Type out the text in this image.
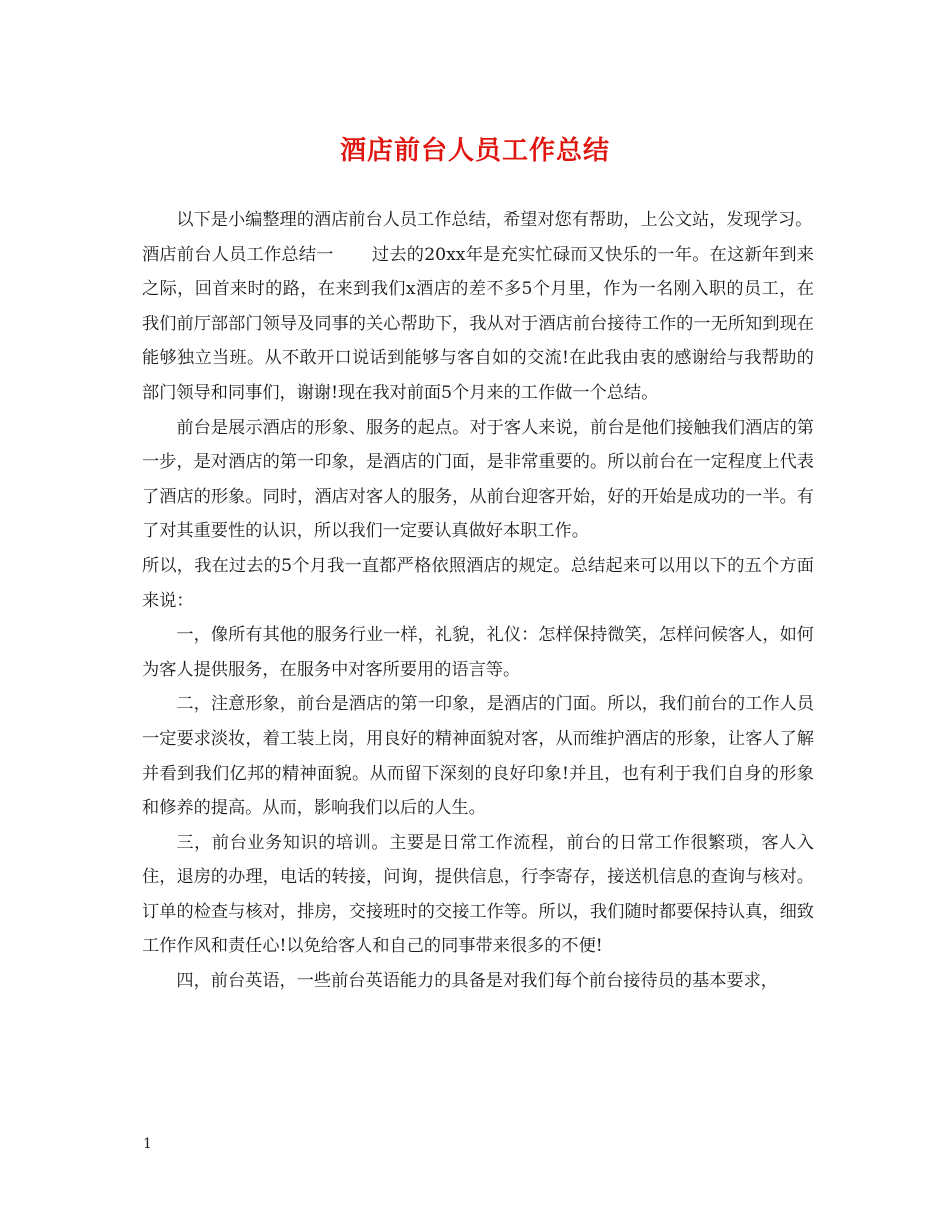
酒店前台人员工作总结

以下是小编整理的酒店前台人员工作总结，希望对您有帮助，上公文站，发现学习。

酒店前台人员工作总结一 过去的20xx年是充实忙碌而又快乐的一年。在这新年到来之际，回首来时的路，在来到我们x酒店的差不多5个月里，作为一名刚入职的员工，在我们前厅部部门领导及同事的关心帮助下，我从对于酒店前台接待工作的一无所知到现在能够独立当班。从不敢开口说话到能够与客自如的交流!在此我由衷的感谢给与我帮助的部门领导和同事们，谢谢!现在我对前面5个月来的工作做一个总结。

前台是展示酒店的形象、服务的起点。对于客人来说，前台是他们接触我们酒店的第一步，是对酒店的第一印象，是酒店的门面，是非常重要的。所以前台在一定程度上代表了酒店的形象。同时，酒店对客人的服务，从前台迎客开始，好的开始是成功的一半。有了对其重要性的认识，所以我们一定要认真做好本职工作。

所以，我在过去的5个月我一直都严格依照酒店的规定。总结起来可以用以下的五个方面来说：

一，像所有其他的服务行业一样，礼貌，礼仪：怎样保持微笑，怎样问候客人，如何为客人提供服务，在服务中对客所要用的语言等。

二，注意形象，前台是酒店的第一印象，是酒店的门面。所以，我们前台的工作人员一定要求淡妆，着工装上岗，用良好的精神面貌对客，从而维护酒店的形象，让客人了解并看到我们亿邦的精神面貌。从而留下深刻的良好印象!并且，也有利于我们自身的形象和修养的提高。从而，影响我们以后的人生。

三，前台业务知识的培训。主要是日常工作流程，前台的日常工作很繁琐，客人入住，退房的办理，电话的转接，问询，提供信息，行李寄存，接送机信息的查询与核对。订单的检查与核对，排房，交接班时的交接工作等。所以，我们随时都要保持认真，细致工作作风和责任心!以免给客人和自己的同事带来很多的不便!

四，前台英语，一些前台英语能力的具备是对我们每个前台接待员的基本要求，

1
